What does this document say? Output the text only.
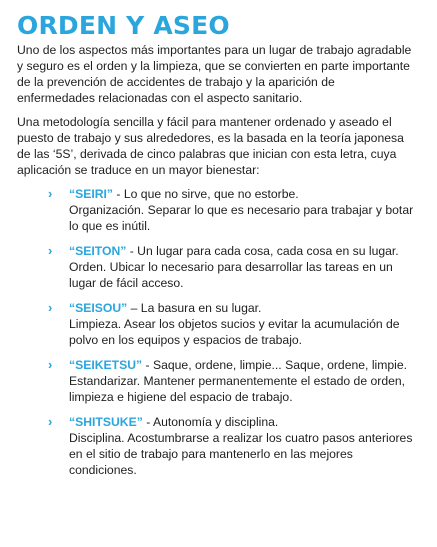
ORDEN Y ASEO

Uno de los aspectos más importantes para un lugar de trabajo agradable y seguro es el orden y la limpieza, que se convierten en parte importante de la prevención de accidentes de trabajo y la aparición de enfermedades relacionadas con el aspecto sanitario.

Una metodología sencilla y fácil para mantener ordenado y aseado el puesto de trabajo y sus alrededores, es la basada en la teoría japonesa de las ‘5S’, derivada de cinco palabras que inician con esta letra, cuya aplicación se traduce en un mayor bienestar:

› “SEIRI” - Lo que no sirve, que no estorbe.
Organización. Separar lo que es necesario para trabajar y botar lo que es inútil.
› “SEITON” - Un lugar para cada cosa, cada cosa en su lugar.
Orden. Ubicar lo necesario para desarrollar las tareas en un lugar de fácil acceso.
› “SEISOU” – La basura en su lugar.
Limpieza. Asear los objetos sucios y evitar la acumulación de polvo en los equipos y espacios de trabajo.
› “SEIKETSU” - Saque, ordene, limpie... Saque, ordene, limpie.
Estandarizar. Mantener permanentemente el estado de orden, limpieza e higiene del espacio de trabajo.
› “SHITSUKE” - Autonomía y disciplina.
Disciplina. Acostumbrarse a realizar los cuatro pasos anteriores en el sitio de trabajo para mantenerlo en las mejores condiciones.
